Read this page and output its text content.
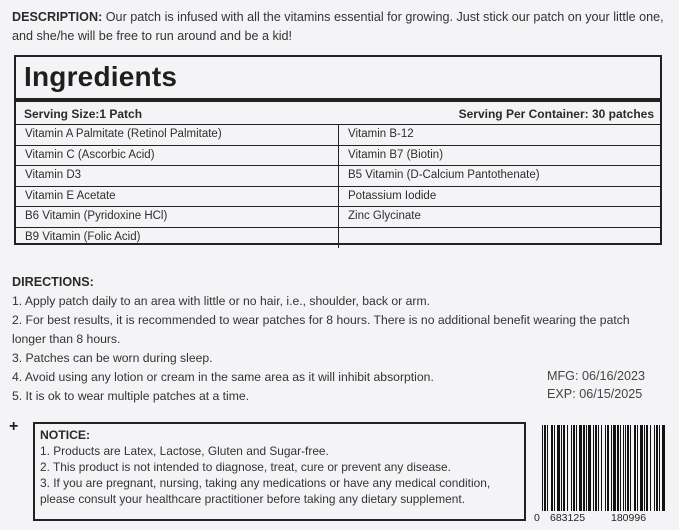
DESCRIPTION: Our patch is infused with all the vitamins essential for growing. Just stick our patch on your little one, and she/he will be free to run around and be a kid!
Ingredients
Serving Size:1 Patch	Serving Per Container: 30 patches
Vitamin A Palmitate (Retinol Palmitate)
Vitamin C (Ascorbic Acid)
Vitamin D3
Vitamin E Acetate
B6 Vitamin (Pyridoxine HCl)
B9 Vitamin (Folic Acid)
Vitamin B-12
Vitamin B7 (Biotin)
B5 Vitamin (D-Calcium Pantothenate)
Potassium Iodide
Zinc Glycinate
DIRECTIONS:
1. Apply patch daily to an area with little or no hair, i.e., shoulder, back or arm.
2. For best results, it is recommended to wear patches for 8 hours. There is no additional benefit wearing the patch longer than 8 hours.
3. Patches can be worn during sleep.
4. Avoid using any lotion or cream in the same area as it will inhibit absorption.
5. It is ok to wear multiple patches at a time.
MFG: 06/16/2023
EXP: 06/15/2025
+ NOTICE:
1. Products are Latex, Lactose, Gluten and Sugar-free.
2. This product is not intended to diagnose, treat, cure or prevent any disease.
3. If you are pregnant, nursing, taking any medications or have any medical condition, please consult your healthcare practitioner before taking any dietary supplement.
0 683125 180996
